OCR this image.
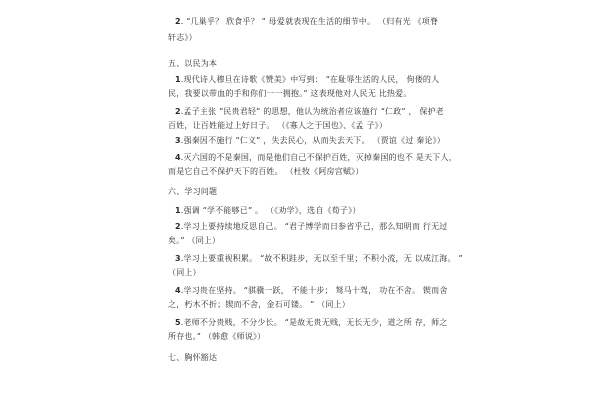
2. “几巢乎？ 欣食乎？ ” 母爱就表现在生活的细节中。 （归有光 《项脊
轩志》）
五、以民为本
1.现代诗人穆旦在诗歌《赞美》中写到： “在耻辱生活的人民， 佝偻的人
民，我要以带血的手和你们一一拥抱。” 这表现他对人民无 比热爱。
2.孟子主张 “民贵君轻” 的思想，他认为统治者应该施行 “仁政” ， 保护老
百姓，让百姓能过上好日子。 （《寡人之于国也》、《孟 子》）
3.强秦因不施行 “仁义” ，失去民心，从而失去天下。 （贾谊《过 秦论》）
4.灭六国的不是秦国，而是他们自己不保护百姓，灭掉秦国的也不 是天下人，
而是它自己不保护天下的百姓。 （杜牧《阿房宫赋》）
六、学习问题
1.强调 “学不能够已” 。 （《劝学》，选自《荀子》）
2.学习上要持续地反思自己。 “君子博学而日参省乎己，那么知明而 行无过
矣。” （同上）
3.学习上要重视积累。 “故不积跬步，无以至千里；不积小流，无 以成江海。 ”
（同上）
4.学习贵在坚持。 “骐骥一跃， 不能十步； 驽马十驾， 功在不舍。 锲而舍
之，朽木不折；锲而不舍，金石可镂。 ” （同上）
5.老师不分贵贱，不分少长。 “是故无贵无贱，无长无少，道之所 存，师之
所存也。” （韩愈《师说》）
七、胸怀豁达
